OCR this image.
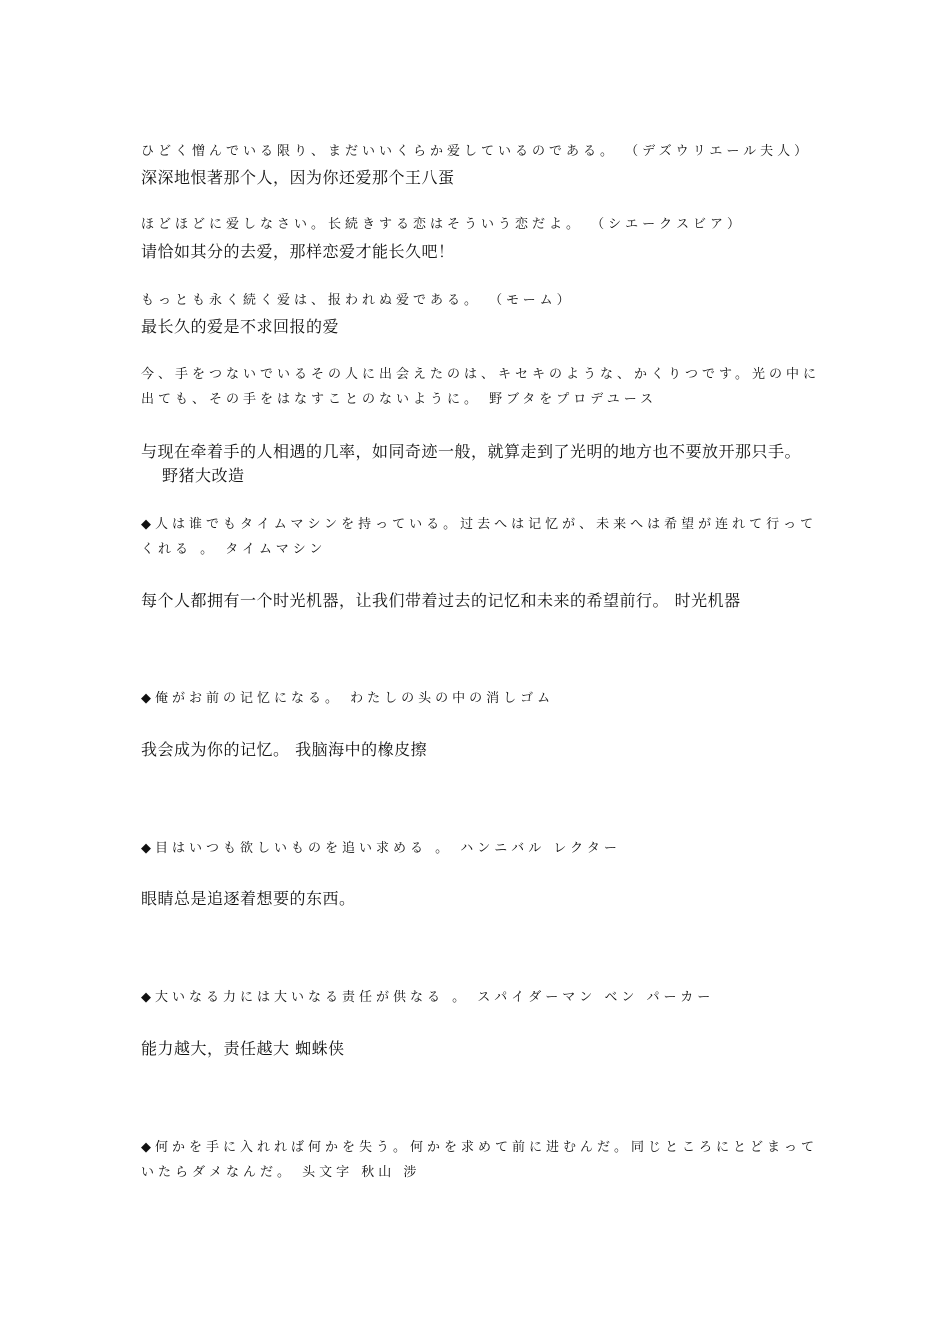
ひどく憎んでいる限り、まだいいくらか爱しているのである。 （デズウリエール夫人）
深深地恨著那个人，因为你还爱那个王八蛋
ほどほどに爱しなさい。长続きする恋はそういう恋だよ。 （シエークスビア）
请恰如其分的去爱，那样恋爱才能长久吧！
もっとも永く続く爱は、报われぬ爱である。 （モーム）
最长久的爱是不求回报的爱
今、手をつないでいるその人に出会えたのは、キセキのような、かくりつです。光の中に
出ても、その手をはなすことのないように。 野ブタをプロデユース
与现在牵着手的人相遇的几率，如同奇迹一般，就算走到了光明的地方也不要放开那只手。
野猪大改造
◆人は谁でもタイムマシンを持っている。过去へは记忆が、未来へは希望が连れて行って
くれる 。 タイムマシン
每个人都拥有一个时光机器，让我们带着过去的记忆和未来的希望前行。 时光机器
◆俺がお前の记忆になる。 わたしの头の中の消しゴム
我会成为你的记忆。 我脑海中的橡皮擦
◆目はいつも欲しいものを追い求める 。 ハンニバル レクター
眼睛总是追逐着想要的东西。
◆大いなる力には大いなる责任が供なる 。 スパイダーマン ベン パーカー
能力越大，责任越大 蜘蛛侠
◆何かを手に入れれば何かを失う。何かを求めて前に进むんだ。同じところにとどまって
いたらダメなんだ。 头文字 秋山 涉
